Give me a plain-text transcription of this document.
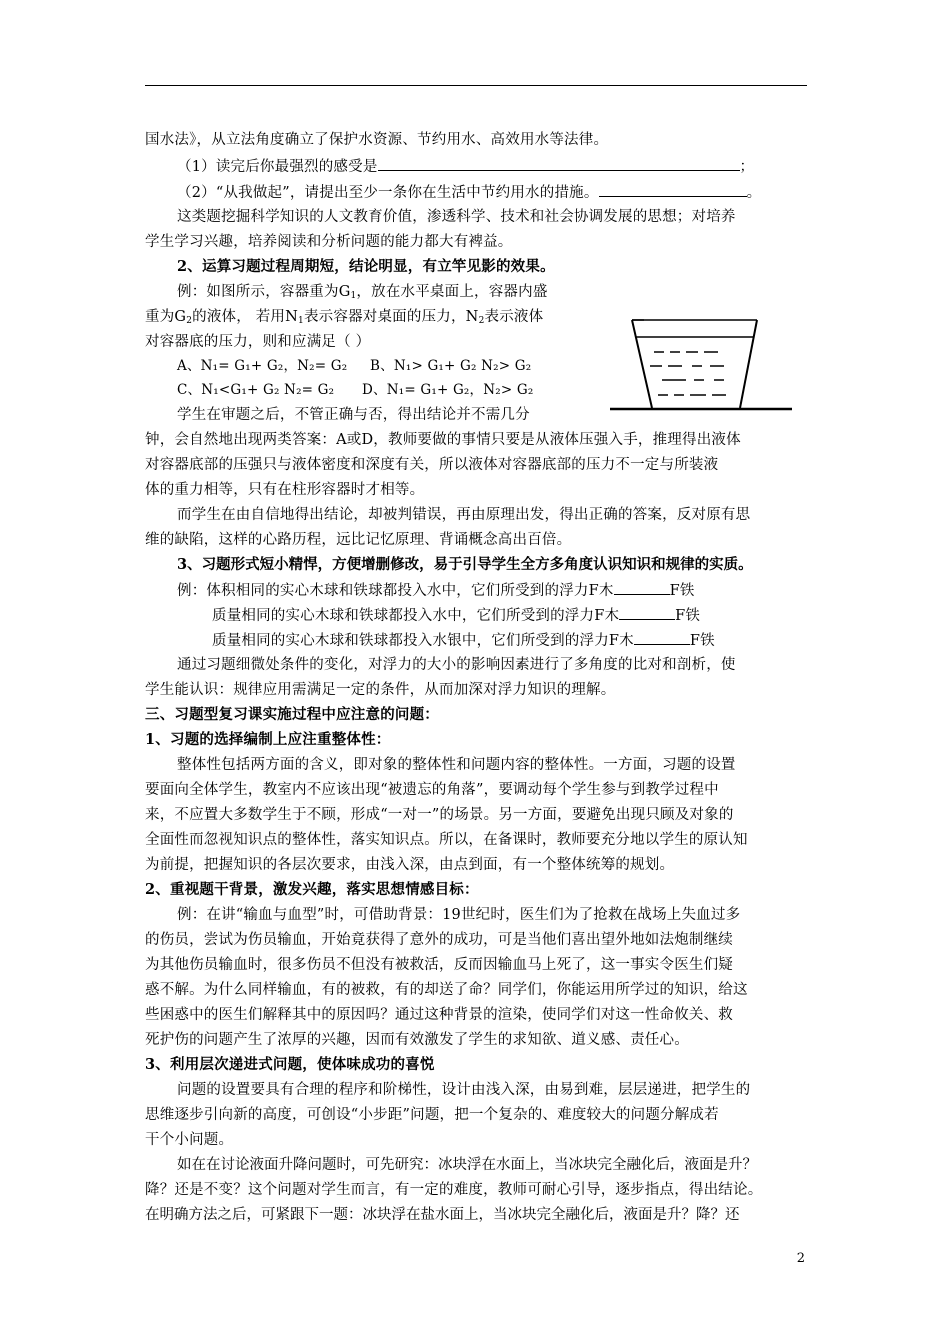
国水法》，从立法角度确立了保护水资源、节约用水、高效用水等法律。
（1）读完后你最强烈的感受是	；
（2）“从我做起”，请提出至少一条你在生活中节约用水的措施。	。
这类题挖掘科学知识的人文教育价值，渗透科学、技术和社会协调发展的思想；对培养
学生学习兴趣，培养阅读和分析问题的能力都大有裨益。
2、运算习题过程周期短，结论明显，有立竿见影的效果。
例：如图所示，容器重为$G_1$，放在水平桌面上，容器内盛
重为$G_2$的液体， 若用$N_1$表示容器对桌面的压力，$N_2$表示液体
对容器底的压力，则和应满足（ ）
A、N₁= G₁+ G₂，N₂= G₂ B、N₁> G₁+ G₂ N₂> G₂
C、N₁<G₁+ G₂ N₂= G₂ D、N₁= G₁+ G₂，N₂> G₂
学生在审题之后，不管正确与否，得出结论并不需几分
钟，会自然地出现两类答案：A或D，教师要做的事情只要是从液体压强入手，推理得出液体
对容器底部的压强只与液体密度和深度有关，所以液体对容器底部的压力不一定与所装液
体的重力相等，只有在柱形容器时才相等。
而学生在由自信地得出结论，却被判错误，再由原理出发，得出正确的答案，反对原有思
维的缺陷，这样的心路历程，远比记忆原理、背诵概念高出百倍。
3、习题形式短小精悍，方便增删修改，易于引导学生全方多角度认识知识和规律的实质。
例：体积相同的实心木球和铁球都投入水中，它们所受到的浮力F木	F铁
质量相同的实心木球和铁球都投入水中，它们所受到的浮力F木	F铁
质量相同的实心木球和铁球都投入水银中，它们所受到的浮力F木	F铁
通过习题细微处条件的变化，对浮力的大小的影响因素进行了多角度的比对和剖析，使
学生能认识：规律应用需满足一定的条件，从而加深对浮力知识的理解。
三、习题型复习课实施过程中应注意的问题：
1、习题的选择编制上应注重整体性：
整体性包括两方面的含义，即对象的整体性和问题内容的整体性。一方面，习题的设置
要面向全体学生，教室内不应该出现“被遗忘的角落”，要调动每个学生参与到教学过程中
来，不应置大多数学生于不顾，形成“一对一”的场景。另一方面，要避免出现只顾及对象的
全面性而忽视知识点的整体性，落实知识点。所以，在备课时，教师要充分地以学生的原认知
为前提，把握知识的各层次要求，由浅入深，由点到面，有一个整体统筹的规划。
2、重视题干背景，激发兴趣，落实思想情感目标：
例：在讲“输血与血型”时，可借助背景：19世纪时，医生们为了抢救在战场上失血过多
的伤员，尝试为伤员输血，开始竟获得了意外的成功，可是当他们喜出望外地如法炮制继续
为其他伤员输血时，很多伤员不但没有被救活，反而因输血马上死了，这一事实令医生们疑
惑不解。为什么同样输血，有的被救，有的却送了命？同学们，你能运用所学过的知识，给这
些困惑中的医生们解释其中的原因吗？通过这种背景的渲染，使同学们对这一性命攸关、救
死护伤的问题产生了浓厚的兴趣，因而有效激发了学生的求知欲、道义感、责任心。
3、利用层次递进式问题，使体味成功的喜悦
问题的设置要具有合理的程序和阶梯性，设计由浅入深，由易到难，层层递进，把学生的
思维逐步引向新的高度，可创设“小步距”问题，把一个复杂的、难度较大的问题分解成若
干个小问题。
如在在讨论液面升降问题时，可先研究：冰块浮在水面上，当冰块完全融化后，液面是升？
降？还是不变？这个问题对学生而言，有一定的难度，教师可耐心引导，逐步指点，得出结论。
在明确方法之后，可紧跟下一题：冰块浮在盐水面上，当冰块完全融化后，液面是升？降？还
2
